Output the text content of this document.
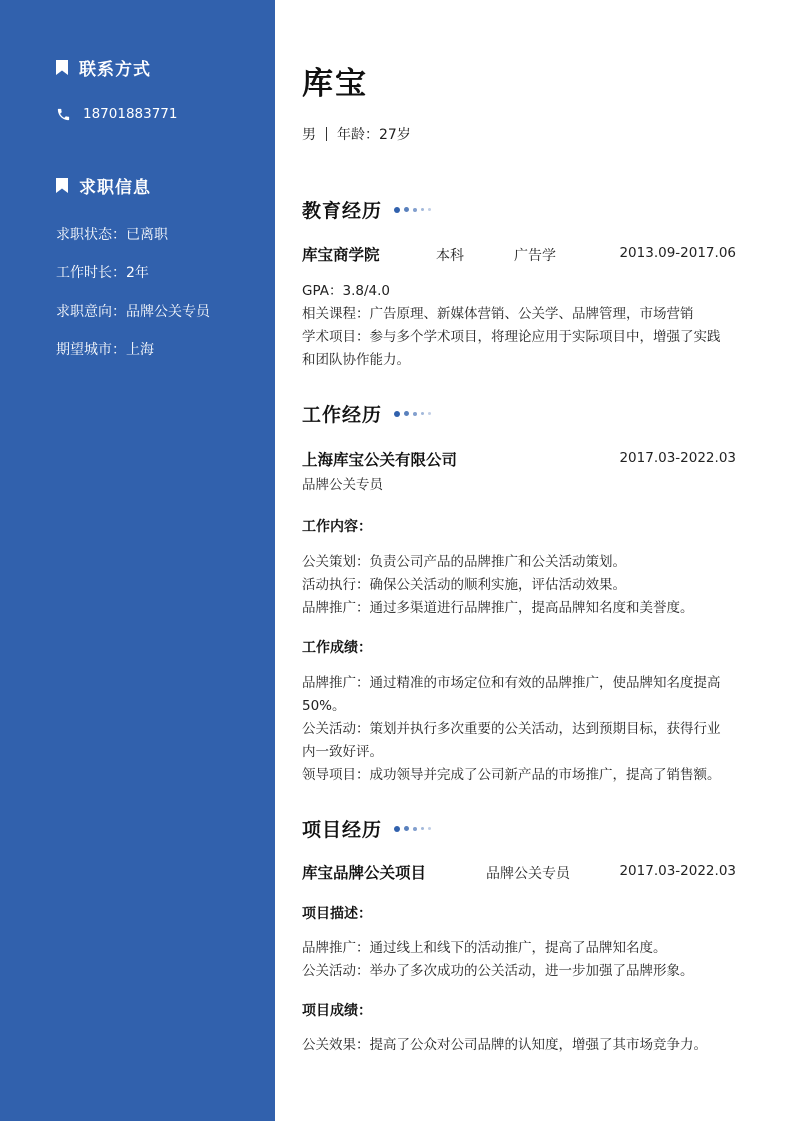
联系方式
18701883771
求职信息
求职状态：已离职
工作时长：2年
求职意向：品牌公关专员
期望城市：上海
库宝
男 年龄：27岁
教育经历
库宝商学院	本科	广告学	2013.09-2017.06
GPA：3.8/4.0
相关课程：广告原理、新媒体营销、公关学、品牌管理，市场营销
学术项目：参与多个学术项目，将理论应用于实际项目中，增强了实践
和团队协作能力。
工作经历
上海库宝公关有限公司	2017.03-2022.03
品牌公关专员
工作内容：
公关策划：负责公司产品的品牌推广和公关活动策划。
活动执行：确保公关活动的顺利实施，评估活动效果。
品牌推广：通过多渠道进行品牌推广，提高品牌知名度和美誉度。
工作成绩：
品牌推广：通过精准的市场定位和有效的品牌推广，使品牌知名度提高
50%。
公关活动：策划并执行多次重要的公关活动，达到预期目标，获得行业
内一致好评。
领导项目：成功领导并完成了公司新产品的市场推广，提高了销售额。
项目经历
库宝品牌公关项目	品牌公关专员	2017.03-2022.03
项目描述：
品牌推广：通过线上和线下的活动推广，提高了品牌知名度。
公关活动：举办了多次成功的公关活动，进一步加强了品牌形象。
项目成绩：
公关效果：提高了公众对公司品牌的认知度，增强了其市场竞争力。
